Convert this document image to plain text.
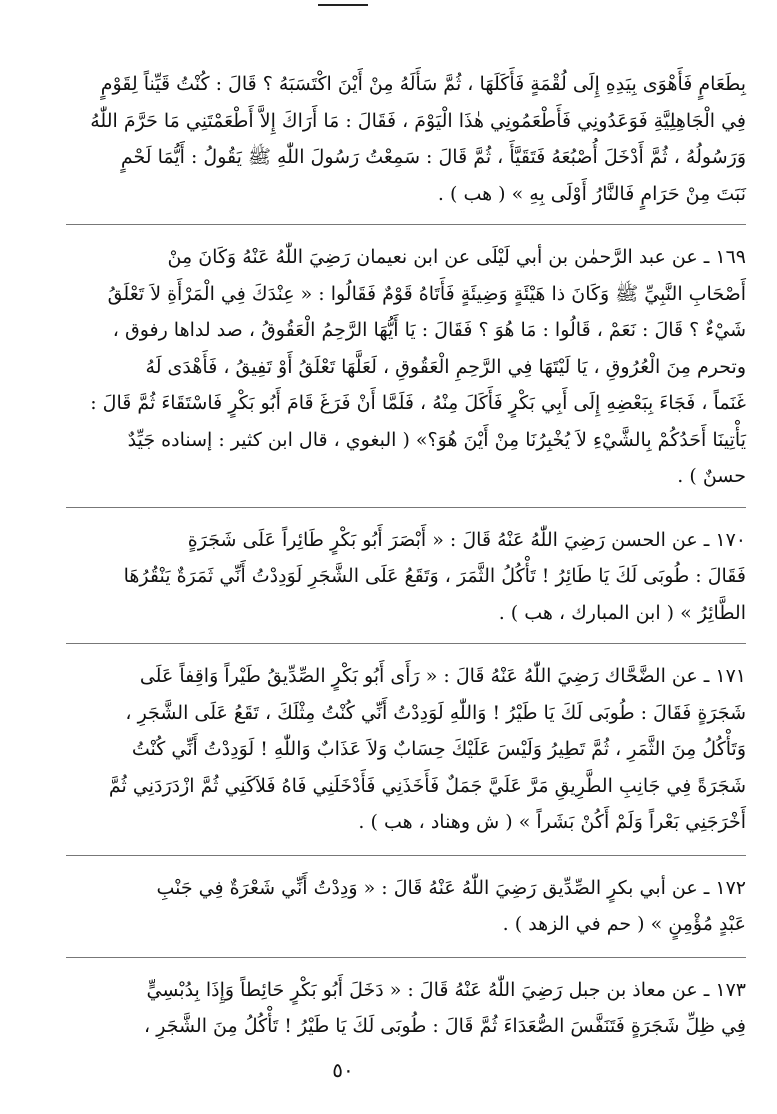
بِطَعَامٍ فَأَهْوَى بِيَدِهِ إِلَى لُقْمَةٍ فَأَكَلَهَا ، ثُمَّ سَأَلَهُ مِنْ أَيْنَ اكْتَسَبَهُ ؟ قَالَ : كُنْتُ قَيِّناً لِقَوْمٍ

فِي الْجَاهِلِيَّةِ فَوَعَدُونِي فَأَطْعَمُونِي هٰذَا الْيَوْمَ ، فَقَالَ : مَا أَرَاكَ إِلاَّ أَطْعَمْتَنِي مَا حَرَّمَ اللّٰهُ

وَرَسُولُهُ ، ثُمَّ أَدْخَلَ أُصْبُعَهُ فَتَقَيَّأَ ، ثُمَّ قَالَ : سَمِعْتُ رَسُولَ اللّٰهِ ﷺ يَقُولُ : أَيُّمَا لَحْمٍ

نَبَتَ مِنْ حَرَامٍ فَالنَّارُ أَوْلَى بِهِ » ( هب ) .

١٦٩ ـ عن عبد الرَّحمٰن بن أبي لَيْلَى عن ابن نعيمان رَضِيَ اللّٰهُ عَنْهُ وَكَانَ مِنْ

أَصْحَابِ النَّبِيِّ ﷺ وَكَانَ ذا هَيْئَةٍ وَضِيئَةٍ فَأَتَاهُ قَوْمٌ فَقَالُوا : « عِنْدَكَ فِي الْمَرْأَةِ لاَ تَعْلَقُ

شَيْءٌ ؟ قَالَ : نَعَمْ ، قَالُوا : مَا هُوَ ؟ فَقَالَ : يَا أَيُّهَا الرَّحِمُ الْعَقُوقُ ، صد لداها رفوق ،

وتحرم مِنَ الْعُرُوقِ ، يَا لَيْتَهَا فِي الرَّحِمِ الْعَقُوقِ ، لَعَلَّهَا تَعْلَقُ أَوْ تَفِيقُ ، فَأَهْدَى لَهُ

غَنَماً ، فَجَاءَ بِبَعْضِهِ إِلَى أَبِي بَكْرٍ فَأَكَلَ مِنْهُ ، فَلَمَّا أَنْ فَرَغَ قَامَ أَبُو بَكْرٍ فَاسْتَقَاءَ ثُمَّ قَالَ :

يَأْتِينَا أَحَدُكُمْ بِالشَّيْءِ لاَ يُخْبِرُنَا مِنْ أَيْنَ هُوَ؟» ( البغوي ، قال ابن كثير : إسناده جَيِّدٌ

حسنٌ ) .

١٧٠ ـ عن الحسن رَضِيَ اللّٰهُ عَنْهُ قَالَ : « أَبْصَرَ أَبُو بَكْرٍ طَائِراً عَلَى شَجَرَةٍ

فَقَالَ : طُوبَى لَكَ يَا طَائِرُ ! تَأْكُلُ الثَّمَرَ ، وَتَقَعُ عَلَى الشَّجَرِ لَوَدِدْتُ أَنِّي ثَمَرَةٌ يَنْقُرُهَا

الطَّائِرُ » ( ابن المبارك ، هب ) .

١٧١ ـ عن الضَّحَّاك رَضِيَ اللّٰهُ عَنْهُ قَالَ : « رَأَى أَبُو بَكْرٍ الصِّدِّيقُ طَيْراً وَاقِفاً عَلَى

شَجَرَةٍ فَقَالَ : طُوبَى لَكَ يَا طَيْرُ ! وَاللّٰهِ لَوَدِدْتُ أَنِّي كُنْتُ مِثْلَكَ ، تَقَعُ عَلَى الشَّجَرِ ،

وَتَأْكُلُ مِنَ الثَّمَرِ ، ثُمَّ تَطِيرُ وَلَيْسَ عَلَيْكَ حِسَابٌ وَلاَ عَذَابٌ وَاللّٰهِ ! لَوَدِدْتُ أَنِّي كُنْتُ

شَجَرَةً فِي جَانِبِ الطَّرِيقِ مَرَّ عَلَيَّ جَمَلٌ فَأَخَذَنِي فَأَدْخَلَنِي فَاهُ فَلاَكَنِي ثُمَّ ازْدَرَدَنِي ثُمَّ

أَخْرَجَنِي بَعْراً وَلَمْ أَكُنْ بَشَراً » ( ش وهناد ، هب ) .

١٧٢ ـ عن أبي بكرٍ الصِّدِّيق رَضِيَ اللّٰهُ عَنْهُ قَالَ : « وَدِدْتُ أَنِّي شَعْرَةٌ فِي جَنْبِ

عَبْدٍ مُؤْمِنٍ » ( حم في الزهد ) .

١٧٣ ـ عن معاذ بن جبل رَضِيَ اللّٰهُ عَنْهُ قَالَ : « دَخَلَ أَبُو بَكْرٍ حَائِطاً وَإِذَا بِدُبْسِيٍّ

فِي ظِلِّ شَجَرَةٍ فَتَنَفَّسَ الصُّعَدَاءَ ثُمَّ قَالَ : طُوبَى لَكَ يَا طَيْرُ ! تَأْكُلُ مِنَ الشَّجَرِ ،

٥٠
